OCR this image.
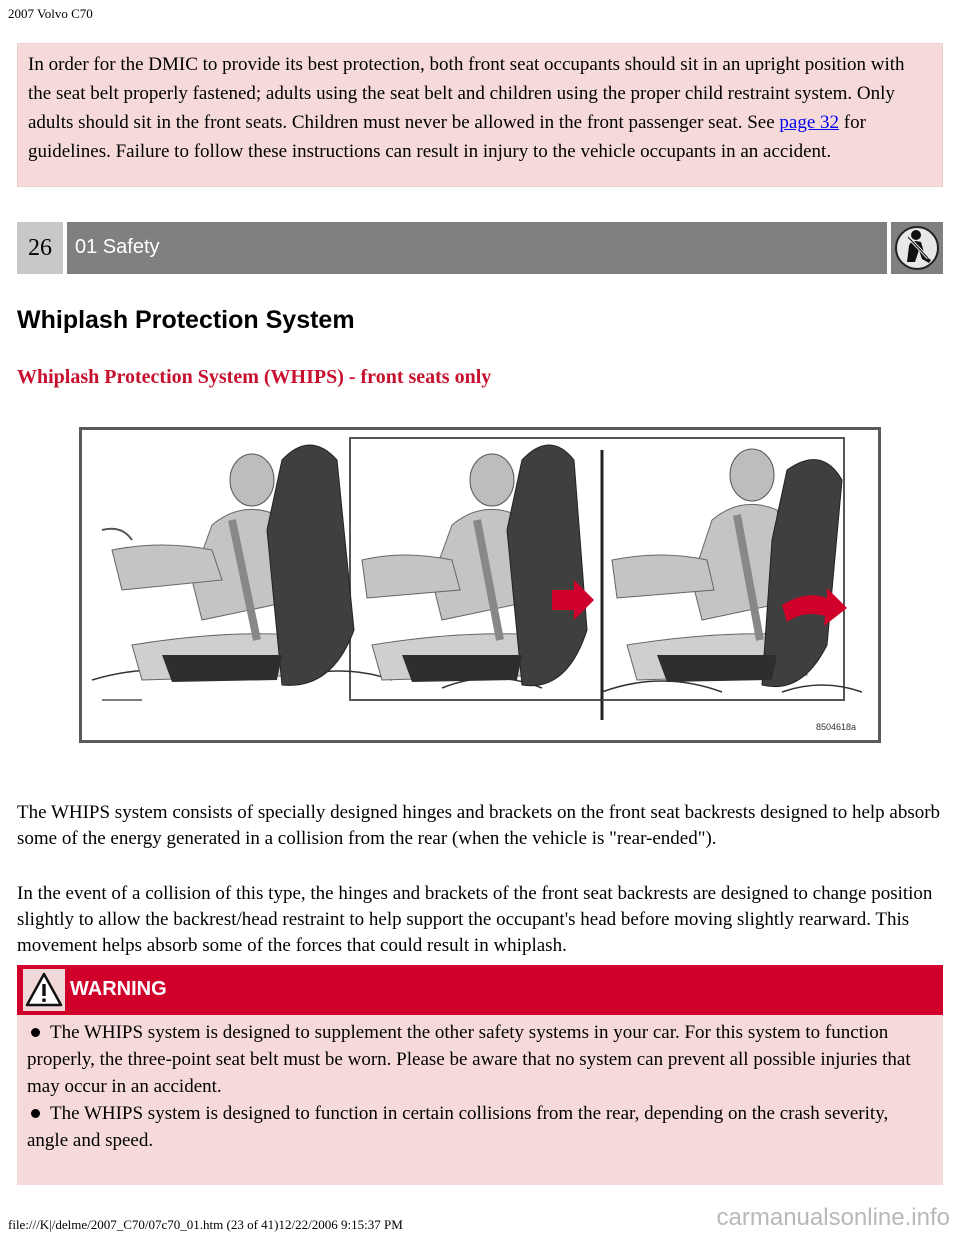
2007 Volvo C70
In order for the DMIC to provide its best protection, both front seat occupants should sit in an upright position with the seat belt properly fastened; adults using the seat belt and children using the proper child restraint system. Only adults should sit in the front seats. Children must never be allowed in the front passenger seat. See page 32 for guidelines. Failure to follow these instructions can result in injury to the vehicle occupants in an accident.
26	01 Safety
Whiplash Protection System
Whiplash Protection System (WHIPS) - front seats only
8504618a
The WHIPS system consists of specially designed hinges and brackets on the front seat backrests designed to help absorb some of the energy generated in a collision from the rear (when the vehicle is "rear-ended").
In the event of a collision of this type, the hinges and brackets of the front seat backrests are designed to change position slightly to allow the backrest/head restraint to help support the occupant's head before moving slightly rearward. This movement helps absorb some of the forces that could result in whiplash.
WARNING
The WHIPS system is designed to supplement the other safety systems in your car. For this system to function properly, the three-point seat belt must be worn. Please be aware that no system can prevent all possible injuries that may occur in an accident.
The WHIPS system is designed to function in certain collisions from the rear, depending on the crash severity, angle and speed.
file:///K|/delme/2007_C70/07c70_01.htm (23 of 41)12/22/2006 9:15:37 PM	carmanualsonline.info
